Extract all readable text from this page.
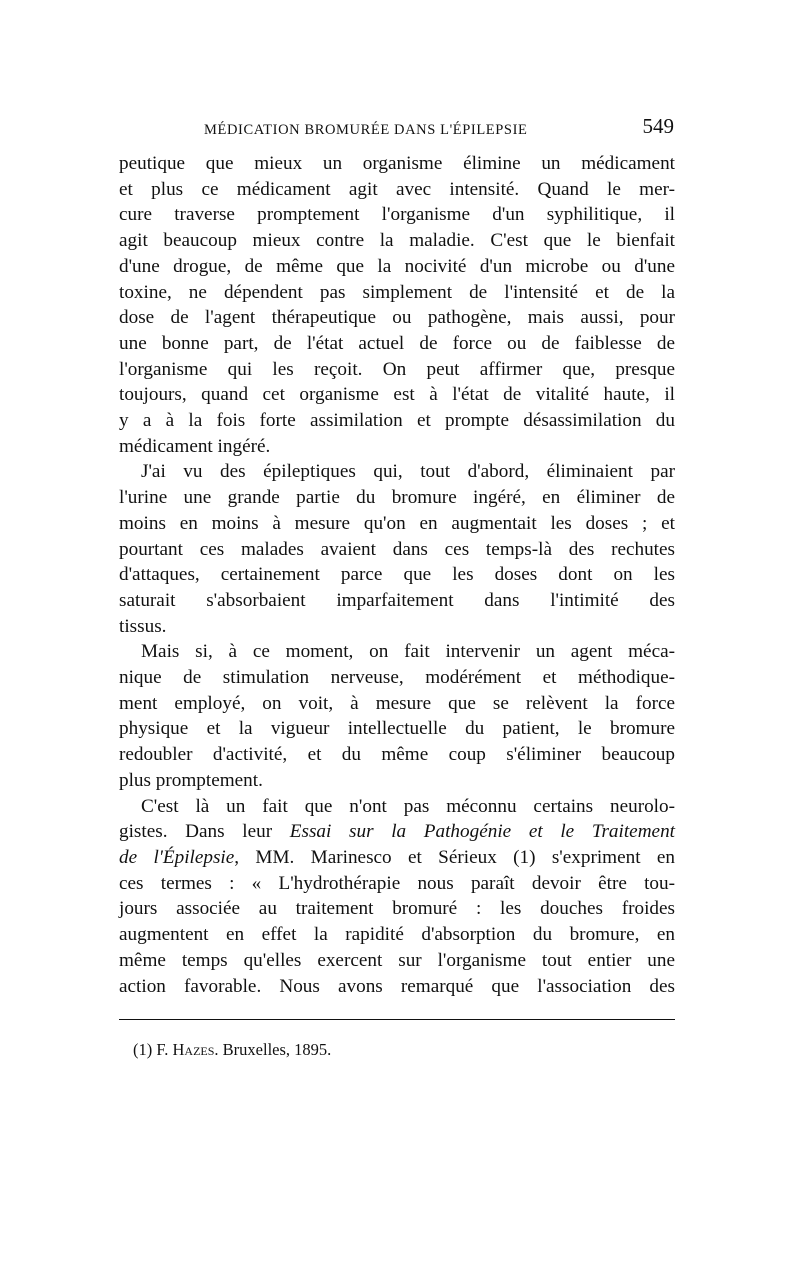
MÉDICATION BROMURÉE DANS L'ÉPILEPSIE	549
peutique que mieux un organisme élimine un médicament
et plus ce médicament agit avec intensité. Quand le mer-
cure traverse promptement l'organisme d'un syphilitique, il
agit beaucoup mieux contre la maladie. C'est que le bienfait
d'une drogue, de même que la nocivité d'un microbe ou d'une
toxine, ne dépendent pas simplement de l'intensité et de la
dose de l'agent thérapeutique ou pathogène, mais aussi, pour
une bonne part, de l'état actuel de force ou de faiblesse de
l'organisme qui les reçoit. On peut affirmer que, presque
toujours, quand cet organisme est à l'état de vitalité haute, il
y a à la fois forte assimilation et prompte désassimilation du
médicament ingéré.
J'ai vu des épileptiques qui, tout d'abord, éliminaient par
l'urine une grande partie du bromure ingéré, en éliminer de
moins en moins à mesure qu'on en augmentait les doses ; et
pourtant ces malades avaient dans ces temps-là des rechutes
d'attaques, certainement parce que les doses dont on les
saturait s'absorbaient imparfaitement dans l'intimité des
tissus.
Mais si, à ce moment, on fait intervenir un agent méca-
nique de stimulation nerveuse, modérément et méthodique-
ment employé, on voit, à mesure que se relèvent la force
physique et la vigueur intellectuelle du patient, le bromure
redoubler d'activité, et du même coup s'éliminer beaucoup
plus promptement.
C'est là un fait que n'ont pas méconnu certains neurolo-
gistes. Dans leur Essai sur la Pathogénie et le Traitement
de l'Épilepsie, MM. Marinesco et Sérieux (1) s'expriment en
ces termes : « L'hydrothérapie nous paraît devoir être tou-
jours associée au traitement bromuré : les douches froides
augmentent en effet la rapidité d'absorption du bromure, en
même temps qu'elles exercent sur l'organisme tout entier une
action favorable. Nous avons remarqué que l'association des
(1) F. Hazes. Bruxelles, 1895.
